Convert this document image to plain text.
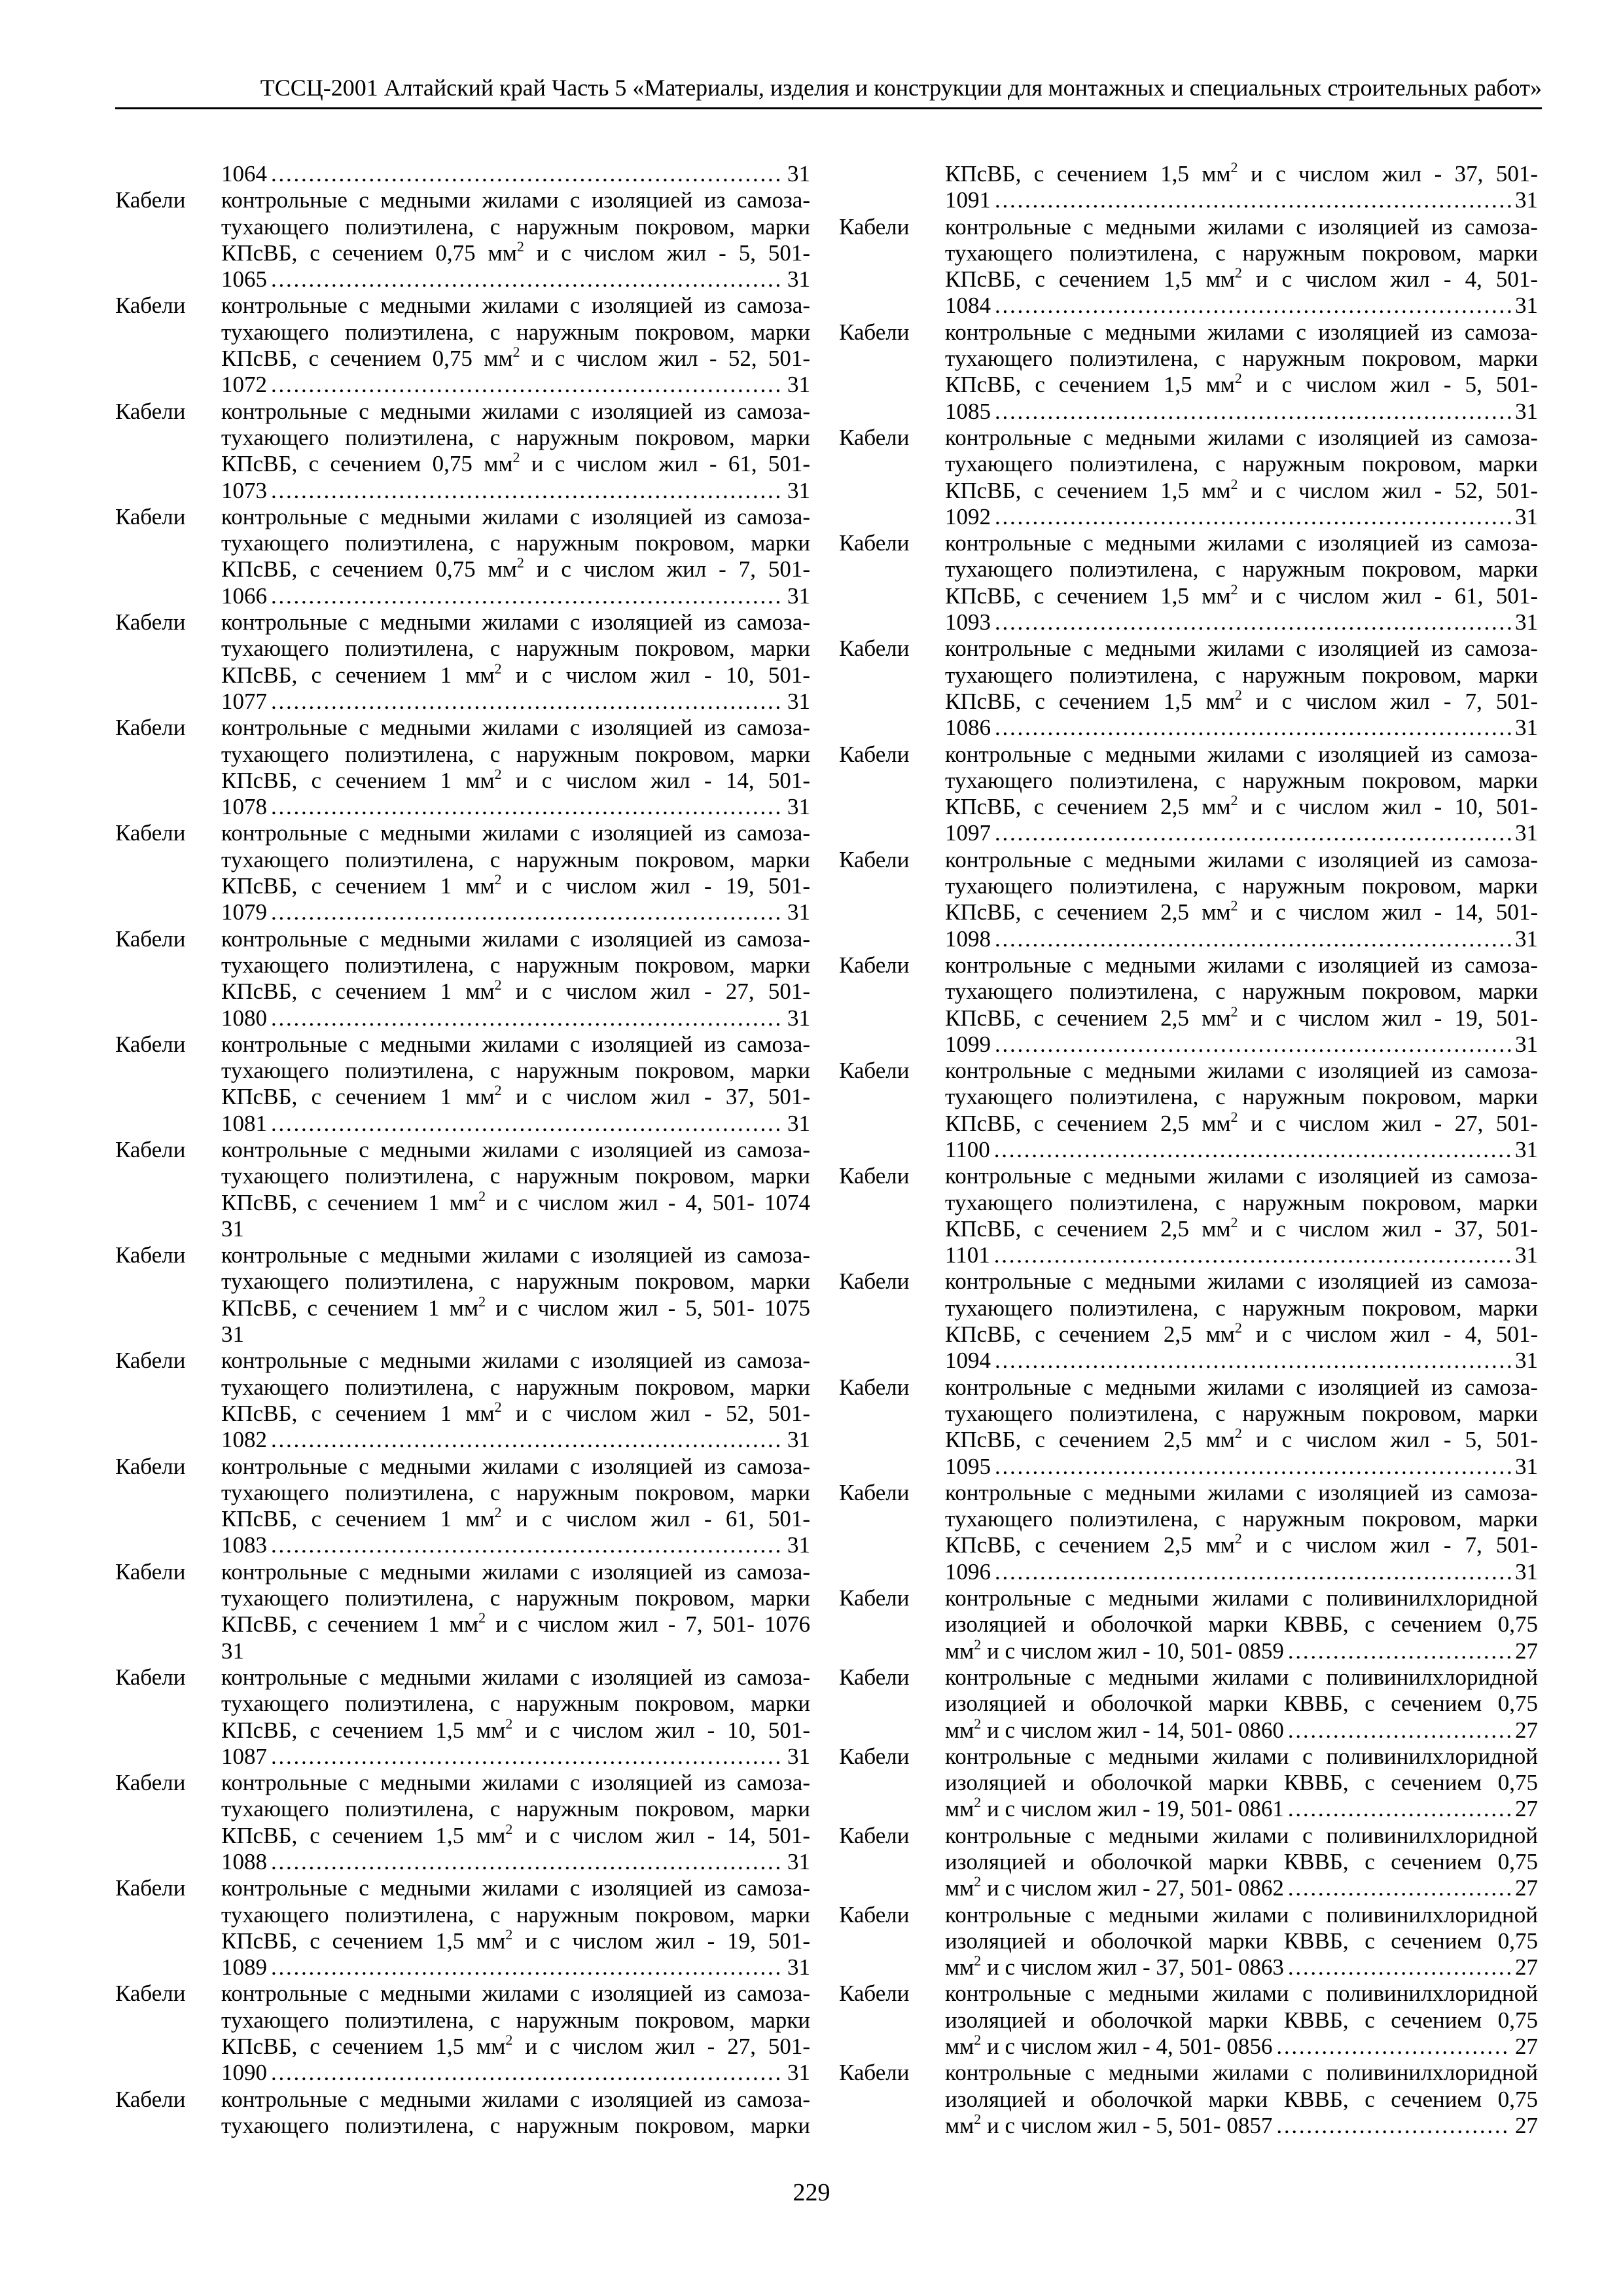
ТССЦ-2001 Алтайский край Часть 5 «Материалы, изделия и конструкции для монтажных и специальных строительных работ»
1064 . . .	31
Кабели контрольные с медными жилами с изоляцией из самоза-
тухающего полиэтилена, с наружным покровом, марки
КПсВБ, с сечением 0,75 $мм^2$ и с числом жил - 5, 501-
1065 . . .	31
Кабели контрольные с медными жилами с изоляцией из самоза-
тухающего полиэтилена, с наружным покровом, марки
КПсВБ, с сечением 0,75 $мм^2$ и с числом жил - 52, 501-
1072 . . .	31
Кабели контрольные с медными жилами с изоляцией из самоза-
тухающего полиэтилена, с наружным покровом, марки
КПсВБ, с сечением 0,75 $мм^2$ и с числом жил - 61, 501-
1073 . . .	31
Кабели контрольные с медными жилами с изоляцией из самоза-
тухающего полиэтилена, с наружным покровом, марки
КПсВБ, с сечением 0,75 $мм^2$ и с числом жил - 7, 501-
1066 . . .	31
Кабели контрольные с медными жилами с изоляцией из самоза-
тухающего полиэтилена, с наружным покровом, марки
КПсВБ, с сечением 1 $мм^2$ и с числом жил - 10, 501-
1077 . . .	31
Кабели контрольные с медными жилами с изоляцией из самоза-
тухающего полиэтилена, с наружным покровом, марки
КПсВБ, с сечением 1 $мм^2$ и с числом жил - 14, 501-
1078 . . .	31
Кабели контрольные с медными жилами с изоляцией из самоза-
тухающего полиэтилена, с наружным покровом, марки
КПсВБ, с сечением 1 $мм^2$ и с числом жил - 19, 501-
1079 . . .	31
Кабели контрольные с медными жилами с изоляцией из самоза-
тухающего полиэтилена, с наружным покровом, марки
КПсВБ, с сечением 1 $мм^2$ и с числом жил - 27, 501-
1080 . . .	31
Кабели контрольные с медными жилами с изоляцией из самоза-
тухающего полиэтилена, с наружным покровом, марки
КПсВБ, с сечением 1 $мм^2$ и с числом жил - 37, 501-
1081 . . .	31
Кабели контрольные с медными жилами с изоляцией из самоза-
тухающего полиэтилена, с наружным покровом, марки
КПсВБ, с сечением 1 $мм^2$ и с числом жил - 4, 501- 1074
31
Кабели контрольные с медными жилами с изоляцией из самоза-
тухающего полиэтилена, с наружным покровом, марки
КПсВБ, с сечением 1 $мм^2$ и с числом жил - 5, 501- 1075
31
Кабели контрольные с медными жилами с изоляцией из самоза-
тухающего полиэтилена, с наружным покровом, марки
КПсВБ, с сечением 1 $мм^2$ и с числом жил - 52, 501-
1082 . . .	31
Кабели контрольные с медными жилами с изоляцией из самоза-
тухающего полиэтилена, с наружным покровом, марки
КПсВБ, с сечением 1 $мм^2$ и с числом жил - 61, 501-
1083 . . .	31
Кабели контрольные с медными жилами с изоляцией из самоза-
тухающего полиэтилена, с наружным покровом, марки
КПсВБ, с сечением 1 $мм^2$ и с числом жил - 7, 501- 1076
31
Кабели контрольные с медными жилами с изоляцией из самоза-
тухающего полиэтилена, с наружным покровом, марки
КПсВБ, с сечением 1,5 $мм^2$ и с числом жил - 10, 501-
1087 . . .	31
Кабели контрольные с медными жилами с изоляцией из самоза-
тухающего полиэтилена, с наружным покровом, марки
КПсВБ, с сечением 1,5 $мм^2$ и с числом жил - 14, 501-
1088 . . .	31
Кабели контрольные с медными жилами с изоляцией из самоза-
тухающего полиэтилена, с наружным покровом, марки
КПсВБ, с сечением 1,5 $мм^2$ и с числом жил - 19, 501-
1089 . . .	31
Кабели контрольные с медными жилами с изоляцией из самоза-
тухающего полиэтилена, с наружным покровом, марки
КПсВБ, с сечением 1,5 $мм^2$ и с числом жил - 27, 501-
1090 . . .	31
Кабели контрольные с медными жилами с изоляцией из самоза-
тухающего полиэтилена, с наружным покровом, марки
КПсВБ, с сечением 1,5 $мм^2$ и с числом жил - 37, 501-
1091 . . .	31
Кабели контрольные с медными жилами с изоляцией из самоза-
тухающего полиэтилена, с наружным покровом, марки
КПсВБ, с сечением 1,5 $мм^2$ и с числом жил - 4, 501-
1084 . . .	31
Кабели контрольные с медными жилами с изоляцией из самоза-
тухающего полиэтилена, с наружным покровом, марки
КПсВБ, с сечением 1,5 $мм^2$ и с числом жил - 5, 501-
1085 . . .	31
Кабели контрольные с медными жилами с изоляцией из самоза-
тухающего полиэтилена, с наружным покровом, марки
КПсВБ, с сечением 1,5 $мм^2$ и с числом жил - 52, 501-
1092 . . .	31
Кабели контрольные с медными жилами с изоляцией из самоза-
тухающего полиэтилена, с наружным покровом, марки
КПсВБ, с сечением 1,5 $мм^2$ и с числом жил - 61, 501-
1093 . . .	31
Кабели контрольные с медными жилами с изоляцией из самоза-
тухающего полиэтилена, с наружным покровом, марки
КПсВБ, с сечением 1,5 $мм^2$ и с числом жил - 7, 501-
1086 . . .	31
Кабели контрольные с медными жилами с изоляцией из самоза-
тухающего полиэтилена, с наружным покровом, марки
КПсВБ, с сечением 2,5 $мм^2$ и с числом жил - 10, 501-
1097 . . .	31
Кабели контрольные с медными жилами с изоляцией из самоза-
тухающего полиэтилена, с наружным покровом, марки
КПсВБ, с сечением 2,5 $мм^2$ и с числом жил - 14, 501-
1098 . . .	31
Кабели контрольные с медными жилами с изоляцией из самоза-
тухающего полиэтилена, с наружным покровом, марки
КПсВБ, с сечением 2,5 $мм^2$ и с числом жил - 19, 501-
1099 . . .	31
Кабели контрольные с медными жилами с изоляцией из самоза-
тухающего полиэтилена, с наружным покровом, марки
КПсВБ, с сечением 2,5 $мм^2$ и с числом жил - 27, 501-
1100 . . .	31
Кабели контрольные с медными жилами с изоляцией из самоза-
тухающего полиэтилена, с наружным покровом, марки
КПсВБ, с сечением 2,5 $мм^2$ и с числом жил - 37, 501-
1101 . . .	31
Кабели контрольные с медными жилами с изоляцией из самоза-
тухающего полиэтилена, с наружным покровом, марки
КПсВБ, с сечением 2,5 $мм^2$ и с числом жил - 4, 501-
1094 . . .	31
Кабели контрольные с медными жилами с изоляцией из самоза-
тухающего полиэтилена, с наружным покровом, марки
КПсВБ, с сечением 2,5 $мм^2$ и с числом жил - 5, 501-
1095 . . .	31
Кабели контрольные с медными жилами с изоляцией из самоза-
тухающего полиэтилена, с наружным покровом, марки
КПсВБ, с сечением 2,5 $мм^2$ и с числом жил - 7, 501-
1096 . . .	31
Кабели контрольные с медными жилами с поливинилхлоридной
изоляцией и оболочкой марки КВВБ, с сечением 0,75
$мм^2$ и с числом жил - 10, 501- 0859 . . .	27
Кабели контрольные с медными жилами с поливинилхлоридной
изоляцией и оболочкой марки КВВБ, с сечением 0,75
$мм^2$ и с числом жил - 14, 501- 0860 . . .	27
Кабели контрольные с медными жилами с поливинилхлоридной
изоляцией и оболочкой марки КВВБ, с сечением 0,75
$мм^2$ и с числом жил - 19, 501- 0861 . . .	27
Кабели контрольные с медными жилами с поливинилхлоридной
изоляцией и оболочкой марки КВВБ, с сечением 0,75
$мм^2$ и с числом жил - 27, 501- 0862 . . .	27
Кабели контрольные с медными жилами с поливинилхлоридной
изоляцией и оболочкой марки КВВБ, с сечением 0,75
$мм^2$ и с числом жил - 37, 501- 0863 . . .	27
Кабели контрольные с медными жилами с поливинилхлоридной
изоляцией и оболочкой марки КВВБ, с сечением 0,75
$мм^2$ и с числом жил - 4, 501- 0856 . . .	27
Кабели контрольные с медными жилами с поливинилхлоридной
изоляцией и оболочкой марки КВВБ, с сечением 0,75
$мм^2$ и с числом жил - 5, 501- 0857 . . .	27
229
